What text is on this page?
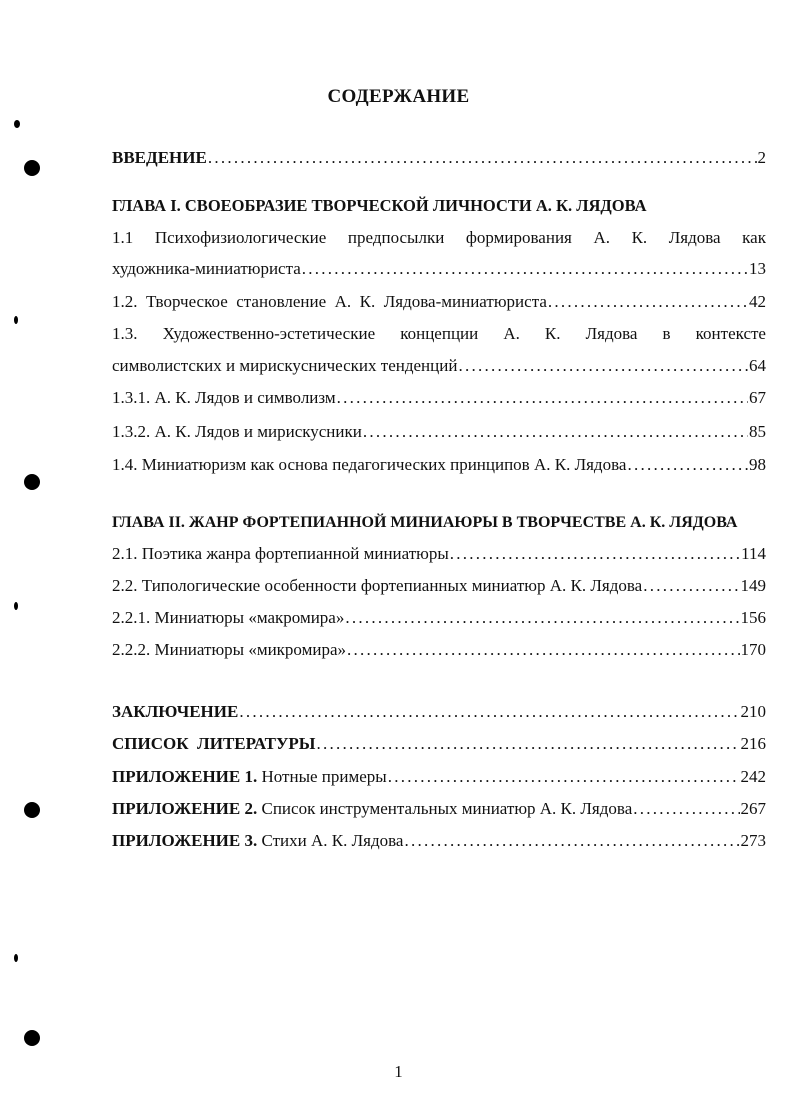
СОДЕРЖАНИЕ
ВВЕДЕНИЕ . . .	2
ГЛАВА I. СВОЕОБРАЗИЕ ТВОРЧЕСКОЙ ЛИЧНОСТИ А. К. ЛЯДОВА
1.1 Психофизиологические предпосылки формирования А. К. Лядова как
художника-миниатюриста . . .	13
1.2.  Творческое  становление  А.  К.  Лядова-миниатюриста . . .	42
1.3. Художественно-эстетические концепции А. К. Лядова в контексте
символистских и мирискуснических тенденций . . .	64
1.3.1. А. К. Лядов и символизм . . .	67
1.3.2. А. К. Лядов и мирискусники . . .	85
1.4. Миниатюризм как основа педагогических принципов А. К. Лядова . . .	98
ГЛАВА II. ЖАНР ФОРТЕПИАННОЙ МИНИАЮРЫ В ТВОРЧЕСТВЕ А. К. ЛЯДОВА
2.1. Поэтика жанра фортепианной миниатюры . . .	114
2.2. Типологические особенности фортепианных миниатюр А. К. Лядова . . .	149
2.2.1. Миниатюры «макромира» . . .	156
2.2.2. Миниатюры «микромира» . . .	170
ЗАКЛЮЧЕНИЕ . . .	210
СПИСОК  ЛИТЕРАТУРЫ . . .	216
ПРИЛОЖЕНИЕ 1. Нотные примеры . . .	242
ПРИЛОЖЕНИЕ 2. Список инструментальных миниатюр А. К. Лядова . . .	267
ПРИЛОЖЕНИЕ 3. Стихи А. К. Лядова . . .	273
1
